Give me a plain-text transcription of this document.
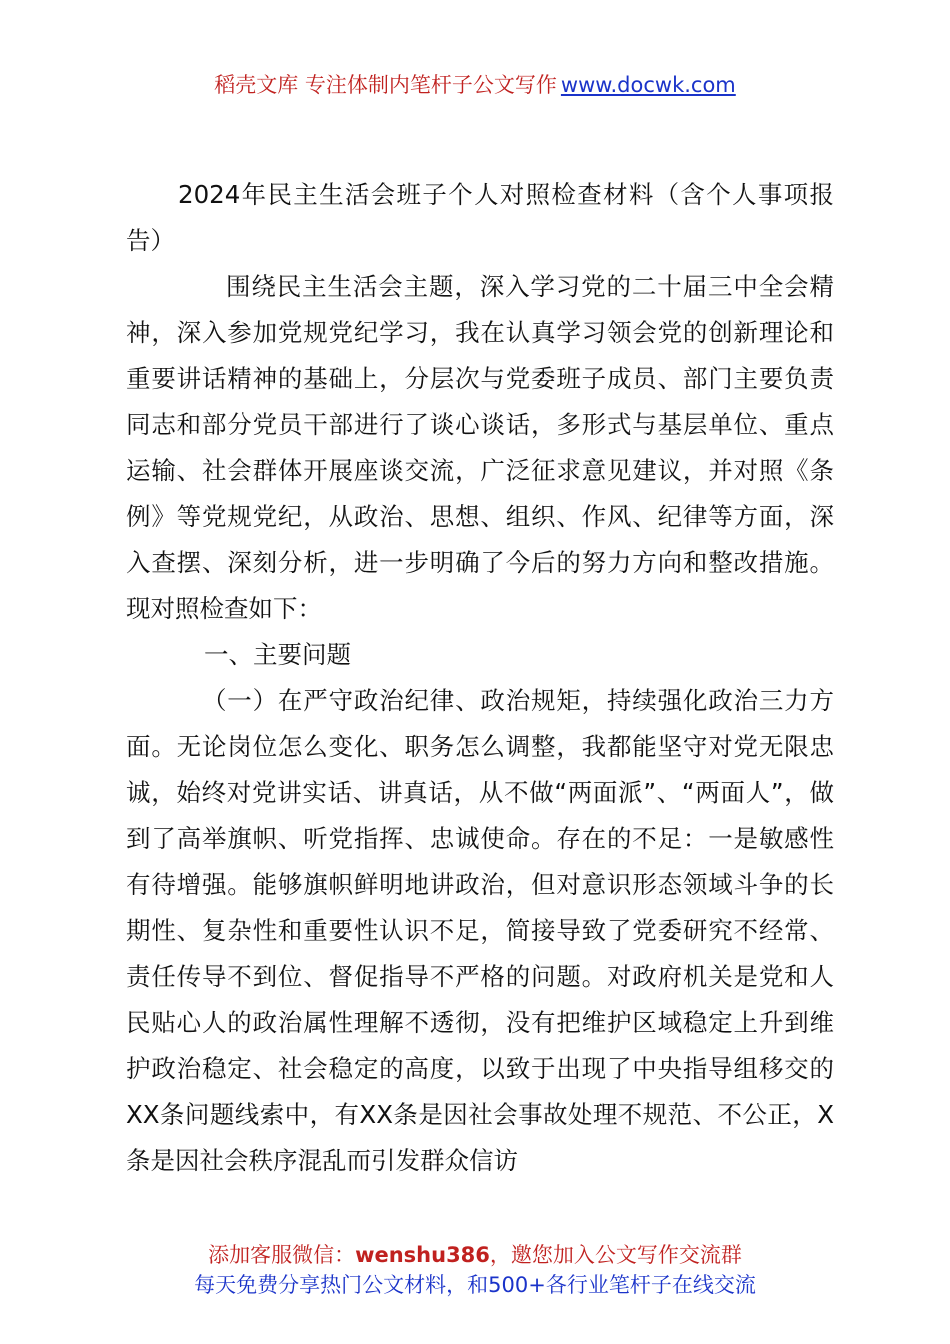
稻壳文库 专注体制内笔杆子公文写作 www.docwk.com

2024年民主生活会班子个人对照检查材料（含个人事项报告）

围绕民主生活会主题，深入学习党的二十届三中全会精神，深入参加党规党纪学习，我在认真学习领会党的创新理论和重要讲话精神的基础上，分层次与党委班子成员、部门主要负责同志和部分党员干部进行了谈心谈话，多形式与基层单位、重点运输、社会群体开展座谈交流，广泛征求意见建议，并对照《条例》等党规党纪，从政治、思想、组织、作风、纪律等方面，深入查摆、深刻分析，进一步明确了今后的努力方向和整改措施。现对照检查如下：

一、主要问题

（一）在严守政治纪律、政治规矩，持续强化政治三力方面。无论岗位怎么变化、职务怎么调整，我都能坚守对党无限忠诚，始终对党讲实话、讲真话，从不做“两面派”、“两面人”，做到了高举旗帜、听党指挥、忠诚使命。存在的不足：一是敏感性有待增强。能够旗帜鲜明地讲政治，但对意识形态领域斗争的长期性、复杂性和重要性认识不足，简接导致了党委研究不经常、责任传导不到位、督促指导不严格的问题。对政府机关是党和人民贴心人的政治属性理解不透彻，没有把维护区域稳定上升到维护政治稳定、社会稳定的高度，以致于出现了中央指导组移交的XX条问题线索中，有XX条是因社会事故处理不规范、不公正，X条是因社会秩序混乱而引发群众信访

添加客服微信：wenshu386，邀您加入公文写作交流群
每天免费分享热门公文材料，和500+各行业笔杆子在线交流
